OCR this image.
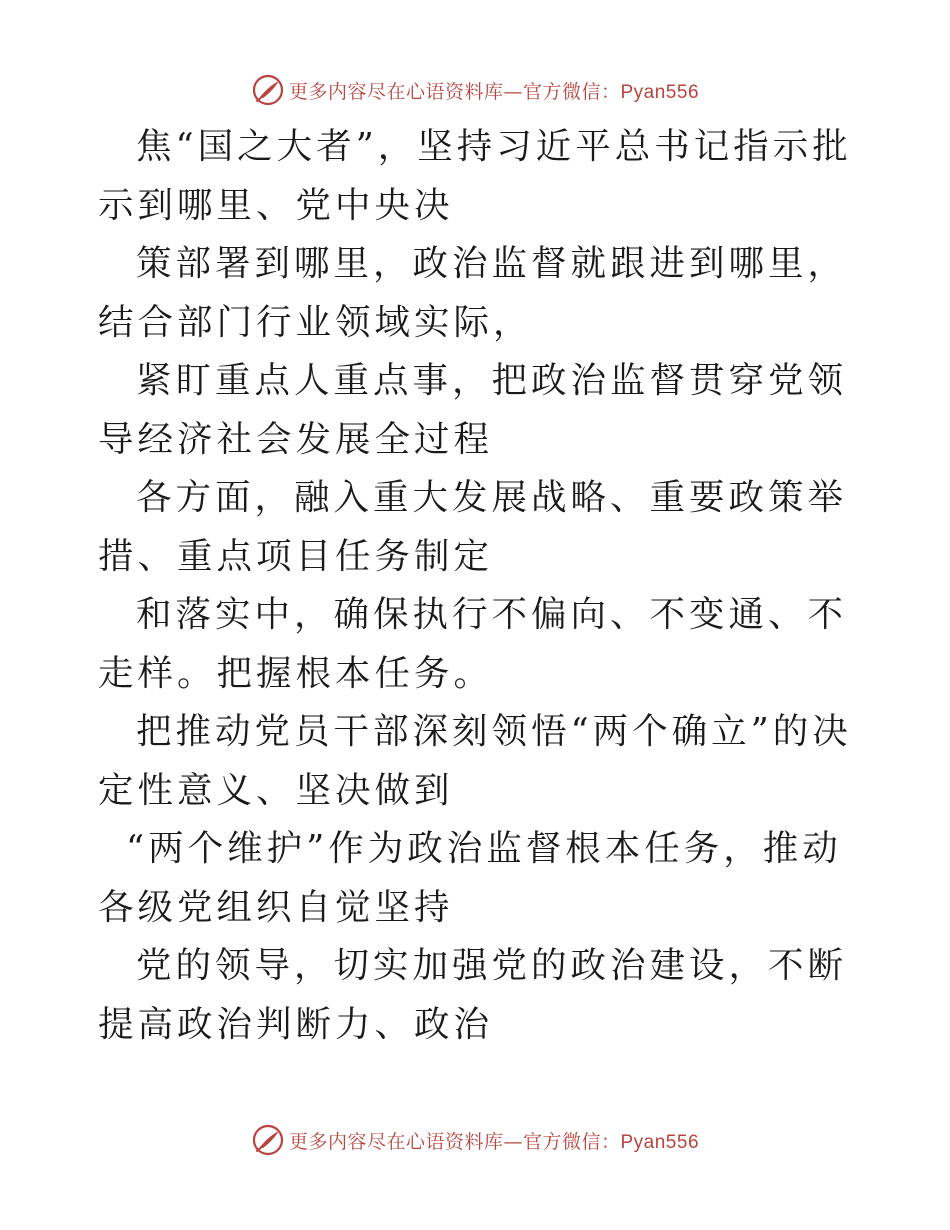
更多内容尽在心语资料库—官方微信：Pyan556

焦“国之大者”，坚持习近平总书记指示批示到哪里、党中央决

策部署到哪里，政治监督就跟进到哪里，结合部门行业领域实际，

紧盯重点人重点事，把政治监督贯穿党领导经济社会发展全过程

各方面，融入重大发展战略、重要政策举措、重点项目任务制定

和落实中，确保执行不偏向、不变通、不走样。把握根本任务。

把推动党员干部深刻领悟“两个确立”的决定性意义、坚决做到

“两个维护”作为政治监督根本任务，推动各级党组织自觉坚持

党的领导，切实加强党的政治建设，不断提高政治判断力、政治

更多内容尽在心语资料库—官方微信：Pyan556
